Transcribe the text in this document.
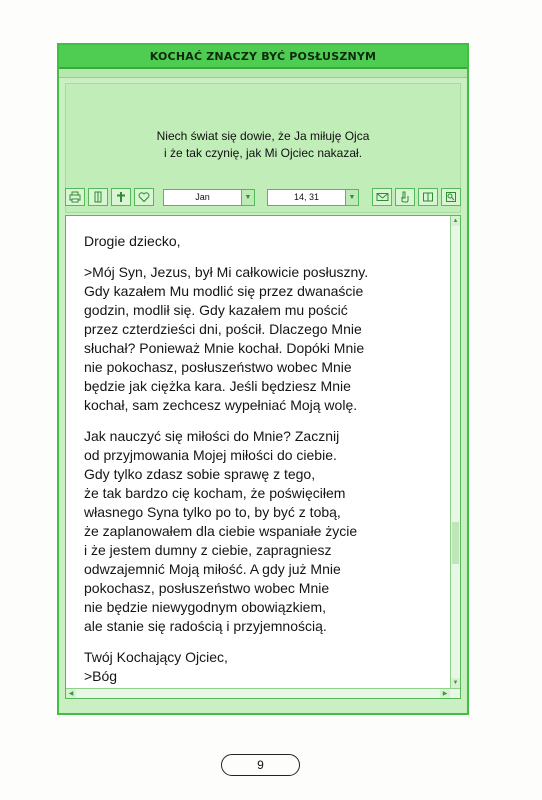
KOCHAĆ ZNACZY BYĆ POSŁUSZNYM
Niech świat się dowie, że Ja miłuję Ojca
i że tak czynię, jak Mi Ojciec nakazał.
Jan	▼	14, 31	▼
Drogie dziecko,
>Mój Syn, Jezus, był Mi całkowicie posłuszny.
Gdy kazałem Mu modlić się przez dwanaście
godzin, modlił się. Gdy kazałem mu pościć
przez czterdzieści dni, pościł. Dlaczego Mnie
słuchał? Ponieważ Mnie kochał. Dopóki Mnie
nie pokochasz, posłuszeństwo wobec Mnie
będzie jak ciężka kara. Jeśli będziesz Mnie
kochał, sam zechcesz wypełniać Moją wolę.
Jak nauczyć się miłości do Mnie? Zacznij
od przyjmowania Mojej miłości do ciebie.
Gdy tylko zdasz sobie sprawę z tego,
że tak bardzo cię kocham, że poświęciłem
własnego Syna tylko po to, by być z tobą,
że zaplanowałem dla ciebie wspaniałe życie
i że jestem dumny z ciebie, zapragniesz
odwzajemnić Moją miłość. A gdy już Mnie
pokochasz, posłuszeństwo wobec Mnie
nie będzie niewygodnym obowiązkiem,
ale stanie się radością i przyjemnością.
Twój Kochający Ojciec,
>Bóg
▲
▼
◀	▶
9
